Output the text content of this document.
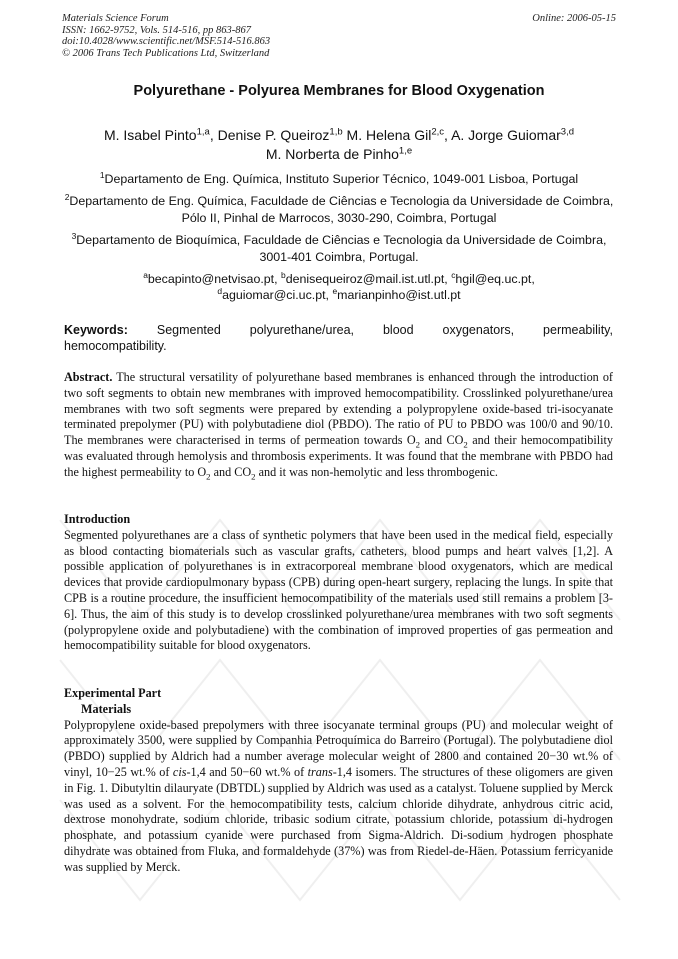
Materials Science Forum
ISSN: 1662-9752, Vols. 514-516, pp 863-867
doi:10.4028/www.scientific.net/MSF.514-516.863
© 2006 Trans Tech Publications Ltd, Switzerland
Online: 2006-05-15
Polyurethane - Polyurea Membranes for Blood Oxygenation
M. Isabel Pinto$^{1,a}$, Denise P. Queiroz$^{1,b}$ M. Helena Gil$^{2,c}$, A. Jorge Guiomar$^{3,d}$
M. Norberta de Pinho$^{1,e}$
$^1$Departamento de Eng. Química, Instituto Superior Técnico, 1049-001 Lisboa, Portugal
$^2$Departamento de Eng. Química, Faculdade de Ciências e Tecnologia da Universidade de Coimbra, Pólo II, Pinhal de Marrocos, 3030-290, Coimbra, Portugal
$^3$Departamento de Bioquímica, Faculdade de Ciências e Tecnologia da Universidade de Coimbra, 3001-401 Coimbra, Portugal.
$^a$becapinto@netvisao.pt, $^b$denisequeiroz@mail.ist.utl.pt, $^c$hgil@eq.uc.pt,
$^d$aguiomar@ci.uc.pt, $^e$marianpinho@ist.utl.pt
Keywords: Segmented polyurethane/urea, blood oxygenators, permeability,
hemocompatibility.

Abstract. The structural versatility of polyurethane based membranes is enhanced through the introduction of two soft segments to obtain new membranes with improved hemocompatibility. Crosslinked polyurethane/urea membranes with two soft segments were prepared by extending a polypropylene oxide-based tri-isocyanate terminated prepolymer (PU) with polybutadiene diol (PBDO). The ratio of PU to PBDO was 100/0 and 90/10. The membranes were characterised in terms of permeation towards $O_2$ and $CO_2$ and their hemocompatibility was evaluated through hemolysis and thrombosis experiments. It was found that the membrane with PBDO had the highest permeability to $O_2$ and $CO_2$ and it was non-hemolytic and less thrombogenic.

Introduction

Segmented polyurethanes are a class of synthetic polymers that have been used in the medical field, especially as blood contacting biomaterials such as vascular grafts, catheters, blood pumps and heart valves [1,2]. A possible application of polyurethanes is in extracorporeal membrane blood oxygenators, which are medical devices that provide cardiopulmonary bypass (CPB) during open-heart surgery, replacing the lungs. In spite that CPB is a routine procedure, the insufficient hemocompatibility of the materials used still remains a problem [3-6]. Thus, the aim of this study is to develop crosslinked polyurethane/urea membranes with two soft segments (polypropylene oxide and polybutadiene) with the combination of improved properties of gas permeation and hemocompatibility suitable for blood oxygenators.

Experimental Part

Materials

Polypropylene oxide-based prepolymers with three isocyanate terminal groups (PU) and molecular weight of approximately 3500, were supplied by Companhia Petroquímica do Barreiro (Portugal). The polybutadiene diol (PBDO) supplied by Aldrich had a number average molecular weight of 2800 and contained 20−30 wt.% of vinyl, 10−25 wt.% of cis-1,4 and 50−60 wt.% of trans-1,4 isomers. The structures of these oligomers are given in Fig. 1. Dibutyltin dilauryate (DBTDL) supplied by Aldrich was used as a catalyst. Toluene supplied by Merck was used as a solvent. For the hemocompatibility tests, calcium chloride dihydrate, anhydrous citric acid, dextrose monohydrate, sodium chloride, tribasic sodium citrate, potassium chloride, potassium di-hydrogen phosphate, and potassium cyanide were purchased from Sigma-Aldrich. Di-sodium hydrogen phosphate dihydrate was obtained from Fluka, and formaldehyde (37%) was from Riedel-de-Häen. Potassium ferricyanide was supplied by Merck.
